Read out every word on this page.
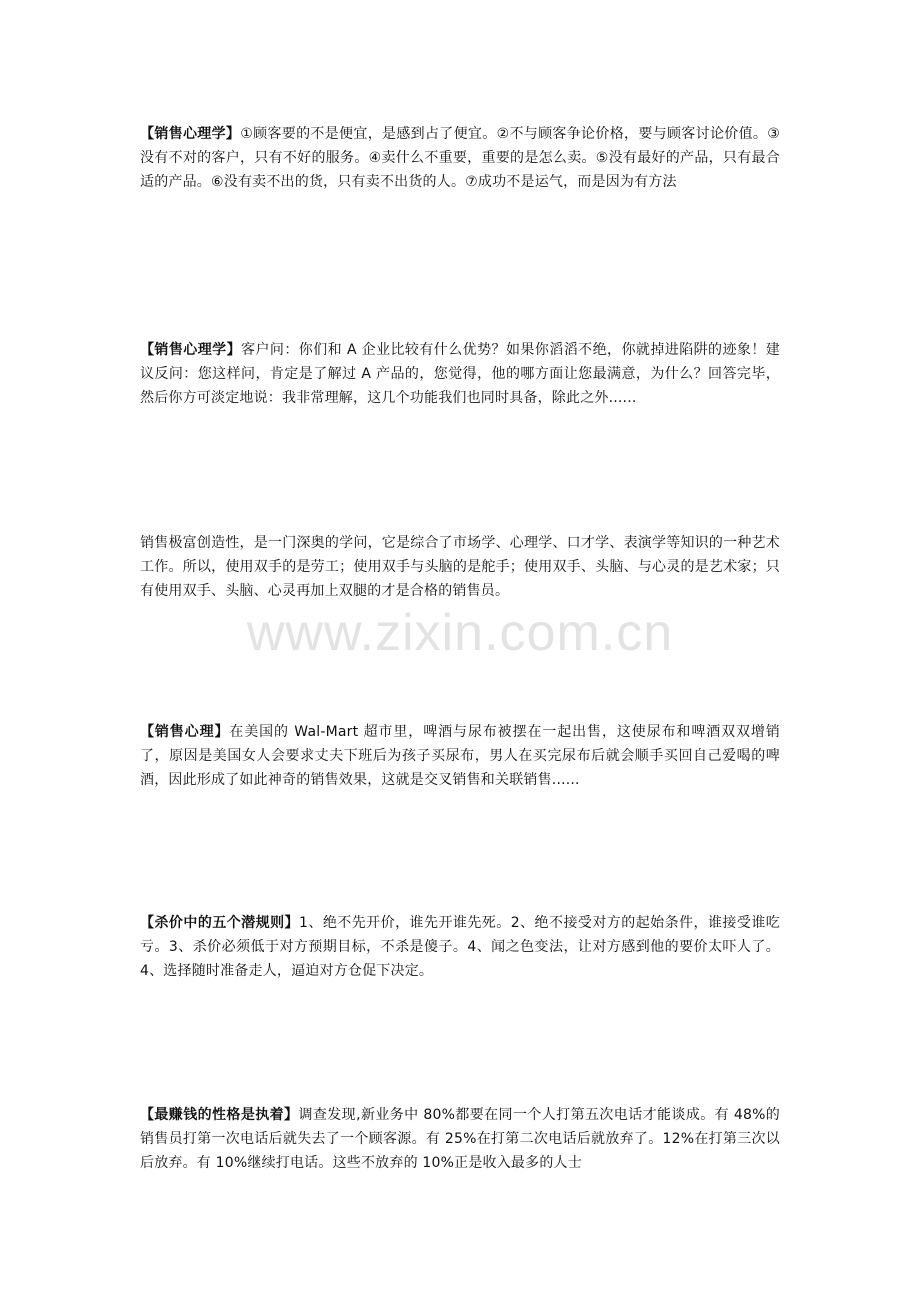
www.zixin.com.cn

【销售心理学】①顾客要的不是便宜，是感到占了便宜。②不与顾客争论价格，要与顾客讨论价值。③没有不对的客户，只有不好的服务。④卖什么不重要，重要的是怎么卖。⑤没有最好的产品，只有最合适的产品。⑥没有卖不出的货，只有卖不出货的人。⑦成功不是运气，而是因为有方法

【销售心理学】客户问：你们和 A 企业比较有什么优势？如果你滔滔不绝，你就掉进陷阱的迹象！建议反问：您这样问，肯定是了解过 A 产品的，您觉得，他的哪方面让您最满意，为什么？回答完毕，然后你方可淡定地说：我非常理解，这几个功能我们也同时具备，除此之外......

销售极富创造性，是一门深奥的学问，它是综合了市场学、心理学、口才学、表演学等知识的一种艺术工作。所以，使用双手的是劳工；使用双手与头脑的是舵手；使用双手、头脑、与心灵的是艺术家；只有使用双手、头脑、心灵再加上双腿的才是合格的销售员。

【销售心理】在美国的 Wal-Mart 超市里，啤酒与尿布被摆在一起出售，这使尿布和啤酒双双增销了，原因是美国女人会要求丈夫下班后为孩子买尿布，男人在买完尿布后就会顺手买回自己爱喝的啤酒，因此形成了如此神奇的销售效果，这就是交叉销售和关联销售......

【杀价中的五个潜规则】1、绝不先开价，谁先开谁先死。2、绝不接受对方的起始条件，谁接受谁吃亏。3、杀价必须低于对方预期目标，不杀是傻子。4、闻之色变法，让对方感到他的要价太吓人了。4、选择随时准备走人，逼迫对方仓促下决定。

【最赚钱的性格是执着】调查发现,新业务中 80%都要在同一个人打第五次电话才能谈成。有 48%的销售员打第一次电话后就失去了一个顾客源。有 25%在打第二次电话后就放弃了。12%在打第三次以后放弃。有 10%继续打电话。这些不放弃的 10%正是收入最多的人士
